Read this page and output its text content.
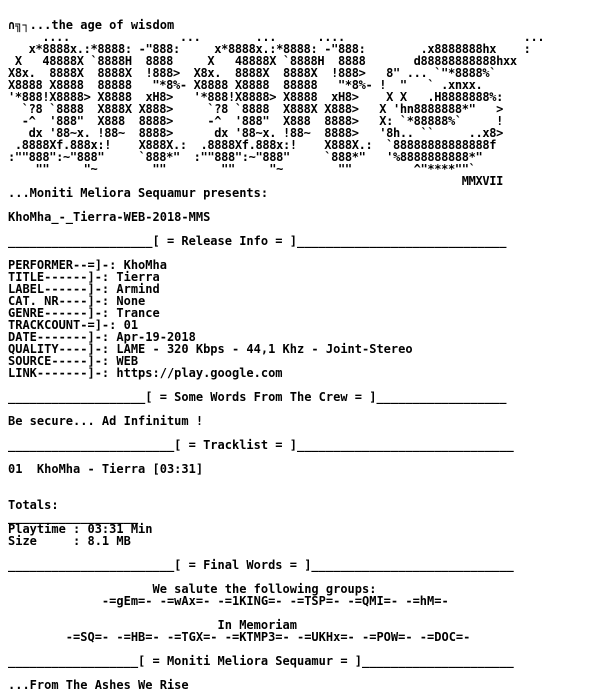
∩╗┐...the age of wisdom
....                ...        ...      ....                          ...
x*8888x.:*8888: -"888:     x*8888x.:*8888: -"888:        .x8888888hx    :
X   48888X `8888H  8888     X   48888X `8888H  8888       d88888888888hxx
X8x.  8888X  8888X  !888>  X8x.  8888X  8888X  !888>   8" ... `"*8888%`
X8888 X8888  88888   "*8%- X8888 X8888  88888   "*8%- !  "   ` .xnxx.
'*888!X8888> X8888  xH8>   '*888!X8888> X8888  xH8>    X X   .H8888888%:
`?8 `8888  X888X X888>     `?8 `8888  X888X X888>   X 'hn8888888*"   >
-^  '888"  X888  8888>     -^  '888"  X888  8888>   X: `*88888%`     !
dx '88~x. !88~  8888>      dx '88~x. !88~  8888>   '8h.. ``     ..x8>
.8888Xf.888x:!    X888X.:  .8888Xf.888x:!    X888X.:  `88888888888888f
:""888":~"888"     `888*"  :""888":~"888"     `888*"   '%8888888888*"
""     "~        ""        ""     "~        ""         ^"****""`
MMXVII
...Moniti Meliora Sequamur presents:
KhoMha_-_Tierra-WEB-2018-MMS
____________________[ = Release Info = ]_____________________________
PERFORMER--=]-: KhoMha
TITLE------]-: Tierra
LABEL------]-: Armind
CAT. NR----]-: None
GENRE------]-: Trance
TRACKCOUNT-=]-: 01
DATE-------]-: Apr-19-2018
QUALITY----]-: LAME - 320 Kbps - 44,1 Khz - Joint-Stereo
SOURCE-----]-: WEB
LINK-------]-: https://play.google.com
___________________[ = Some Words From The Crew = ]__________________
Be secure... Ad Infinitum !
_______________________[ = Tracklist = ]______________________________
01  KhoMha - Tierra [03:31]
Totals:
__________________
Playtime : 03:31 Min
Size     : 8.1 MB
_______________________[ = Final Words = ]____________________________
We salute the following groups:
-=gEm=- -=wAx=- -=1KING=- -=TSP=- -=QMI=- -=hM=-
In Memoriam
-=SQ=- -=HB=- -=TGX=- -=KTMP3=- -=UKHx=- -=POW=- -=DOC=-
__________________[ = Moniti Meliora Sequamur = ]_____________________
...From The Ashes We Rise
